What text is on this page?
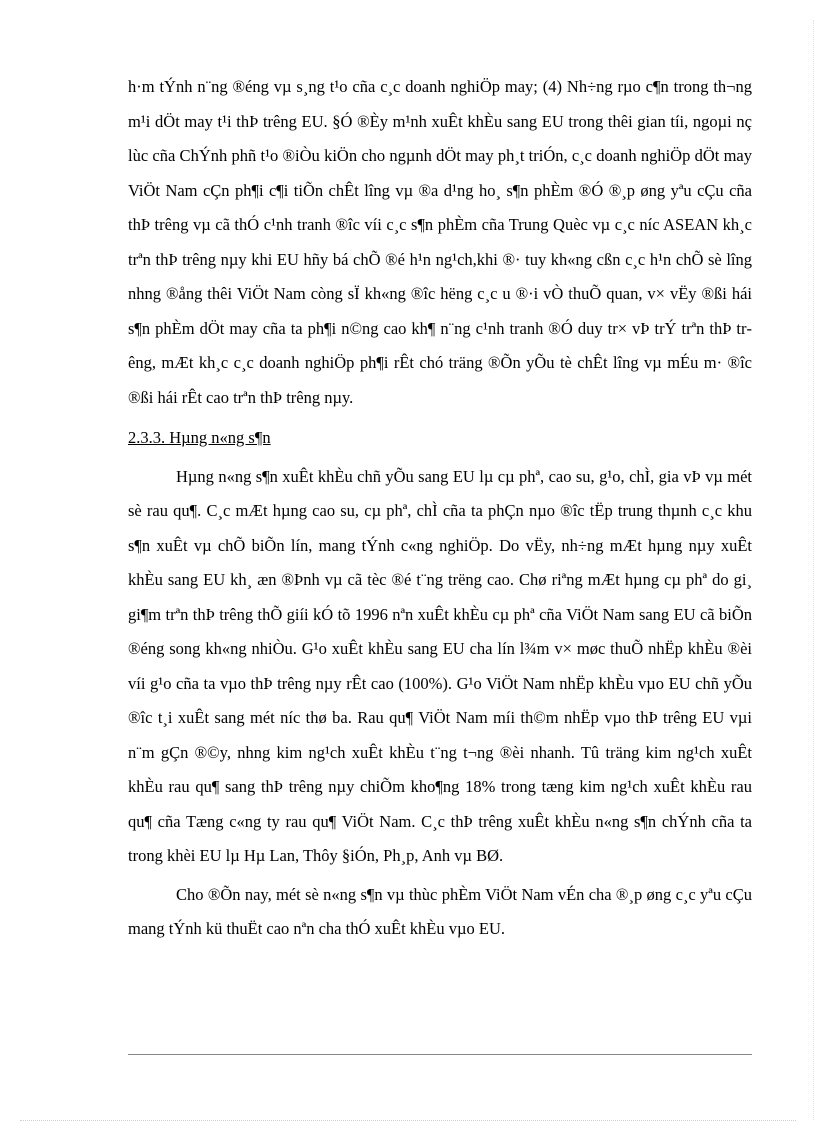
h·m tÝnh n¨ng ®éng vµ s¸ng t¹o cña c¸c doanh nghiÖp may; (4) Nh÷ng rµo c¶n trong th¬ng m¹i dÖt may t¹i thÞ trêng EU. §Ó ®Èy m¹nh xuÊt khÈu sang EU trong thêi gian tíi, ngoµi nç lùc cña ChÝnh phñ t¹o ®iÒu kiÖn cho ngµnh dÖt may ph¸t triÓn, c¸c doanh nghiÖp dÖt may ViÖt Nam cÇn ph¶i c¶i tiÕn chÊt lîng vµ ®a d¹ng ho¸ s¶n phÈm ®Ó ®¸p øng yªu cÇu cña thÞ trêng vµ cã thÓ c¹nh tranh ®îc víi c¸c s¶n phÈm cña Trung Quèc vµ c¸c níc ASEAN kh¸c trªn thÞ trêng nµy khi EU hñy bá chÕ ®é h¹n ng¹ch,khi ®· tuy kh«ng cßn c¸c h¹n chÕ sè lîng nhng ®ång thêi ViÖt Nam còng sÏ kh«ng ®îc hëng c¸c u ®·i vÒ thuÕ quan, v× vËy ®ßi hái s¶n phÈm dÖt may cña ta ph¶i n©ng cao kh¶ n¨ng c¹nh tranh ®Ó duy tr× vÞ trÝ trªn thÞ trêng, mÆt kh¸c c¸c doanh nghiÖp ph¶i rÊt chó träng ®Õn yÕu tè chÊt lîng vµ mÉu m· ®îc ®ßi hái rÊt cao trªn thÞ trêng nµy.

2.3.3. Hµng n«ng s¶n

Hµng n«ng s¶n xuÊt khÈu chñ yÕu sang EU lµ cµ phª, cao su, g¹o, chÌ, gia vÞ vµ mét sè rau qu¶. C¸c mÆt hµng cao su, cµ phª, chÌ cña ta phÇn nµo ®îc tËp trung thµnh c¸c khu s¶n xuÊt vµ chÕ biÕn lín, mang tÝnh c«ng nghiÖp. Do vËy, nh÷ng mÆt hµng nµy xuÊt khÈu sang EU kh¸ æn ®Þnh vµ cã tèc ®é t¨ng trëng cao. Chø riªng mÆt hµng cµ phª do gi¸ gi¶m trªn thÞ trêng thÕ giíi kÓ tõ 1996 nªn xuÊt khÈu cµ phª cña ViÖt Nam sang EU cã biÕn ®éng song kh«ng nhiÒu. G¹o xuÊt khÈu sang EU cha lín l¾m v× møc thuÕ nhËp khÈu ®èi víi g¹o cña ta vµo thÞ trêng nµy rÊt cao (100%). G¹o ViÖt Nam nhËp khÈu vµo EU chñ yÕu ®îc t¸i xuÊt sang mét níc thø ba. Rau qu¶ ViÖt Nam míi th©m nhËp vµo thÞ trêng EU vµi n¨m gÇn ®©y, nhng kim ng¹ch xuÊt khÈu t¨ng t¬ng ®èi nhanh. Tû träng kim ng¹ch xuÊt khÈu rau qu¶ sang thÞ trêng nµy chiÕm kho¶ng 18% trong tæng kim ng¹ch xuÊt khÈu rau qu¶ cña Tæng c«ng ty rau qu¶ ViÖt Nam. C¸c thÞ trêng xuÊt khÈu n«ng s¶n chÝnh cña ta trong khèi EU lµ Hµ Lan, Thôy §iÓn, Ph¸p, Anh vµ BØ.

Cho ®Õn nay, mét sè n«ng s¶n vµ thùc phÈm ViÖt Nam vÉn cha ®¸p øng c¸c yªu cÇu mang tÝnh kü thuËt cao nªn cha thÓ xuÊt khÈu vµo EU.
